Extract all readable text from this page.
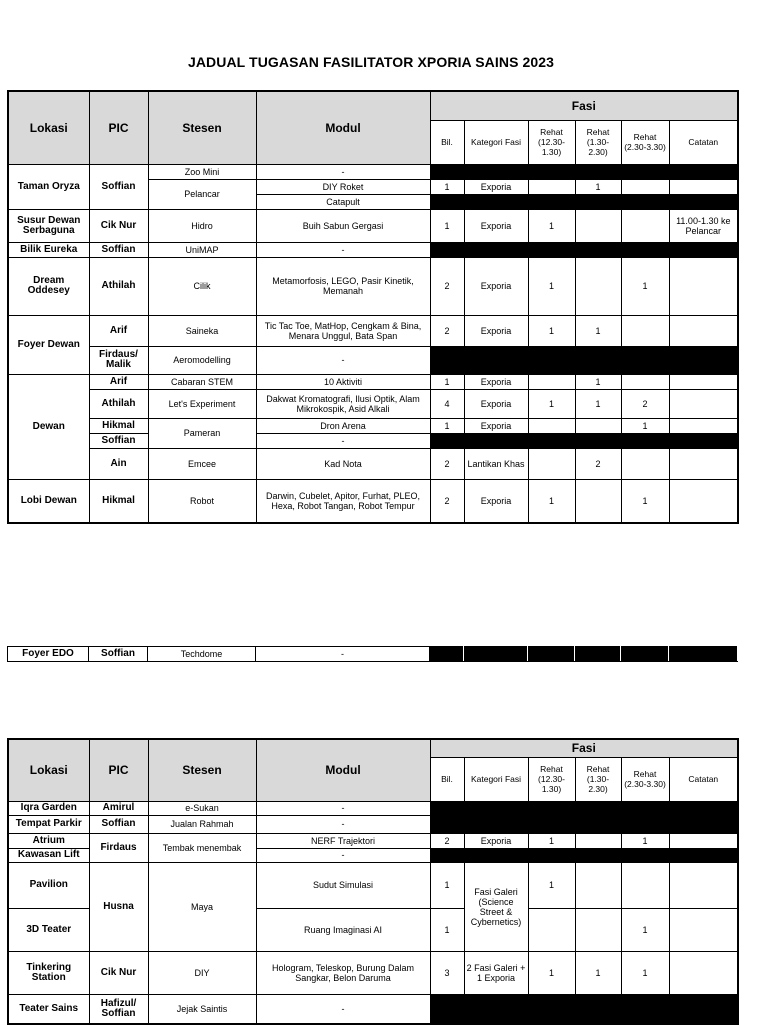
JADUAL TUGASAN FASILITATOR XPORIA SAINS 2023
Lokasi	PIC	Stesen	Modul	Fasi					
				Bil.	Kategori Fasi	Rehat (12.30-1.30)	Rehat (1.30-2.30)	Rehat (2.30-3.30)	Catatan
Taman Oryza	Soffian	Zoo Mini	-						
		Pelancar	DIY Roket	1	Exporia		1		
			Catapult						
Susur Dewan Serbaguna	Cik Nur	Hidro	Buih Sabun Gergasi	1	Exporia	1			11.00-1.30 ke Pelancar
Bilik Eureka	Soffian	UniMAP	-						
Dream Oddesey	Athilah	Cilik	Metamorfosis, LEGO, Pasir Kinetik, Memanah	2	Exporia	1		1	
Foyer Dewan	Arif	Saineka	Tic Tac Toe, MatHop, Cengkam & Bina, Menara Unggul, Bata Span	2	Exporia	1	1		
	Firdaus/ Malik	Aeromodelling	-						
Dewan	Arif	Cabaran STEM	10 Aktiviti	1	Exporia		1		
	Athilah	Let's Experiment	Dakwat Kromatografi, Ilusi Optik, Alam Mikrokospik, Asid Alkali	4	Exporia	1	1	2	
	Hikmal	Pameran	Dron Arena	1	Exporia			1	
	Soffian		-						
	Ain	Emcee	Kad Nota	2	Lantikan Khas		2		

Lobi Dewan	Hikmal	Robot	Darwin, Cubelet, Apitor, Furhat, PLEO, Hexa, Robot Tangan, Robot Tempur	2	Exporia	1		1	
Foyer EDO	Soffian	Techdome	-						
Lokasi	PIC	Stesen	Modul	Fasi					
				Bil.	Kategori Fasi	Rehat (12.30-1.30)	Rehat (1.30-2.30)	Rehat (2.30-3.30)	Catatan
Iqra Garden	Amirul	e-Sukan	-						
Tempat Parkir	Soffian	Jualan Rahmah	-						
Atrium	Firdaus	Tembak menembak	NERF Trajektori	2	Exporia	1		1	
Kawasan Lift			-						
Pavilion	Husna	Maya	Sudut Simulasi	1	Fasi Galeri (Science Street & Cybernetics)	1			
3D Teater			Ruang Imaginasi AI	1				1	
Tinkering Station	Cik Nur	DIY	Hologram, Teleskop, Burung Dalam Sangkar, Belon Daruma	3	2 Fasi Galeri + 1 Exporia	1	1	1	
Teater Sains	Hafizul/ Soffian	Jejak Saintis	-						
